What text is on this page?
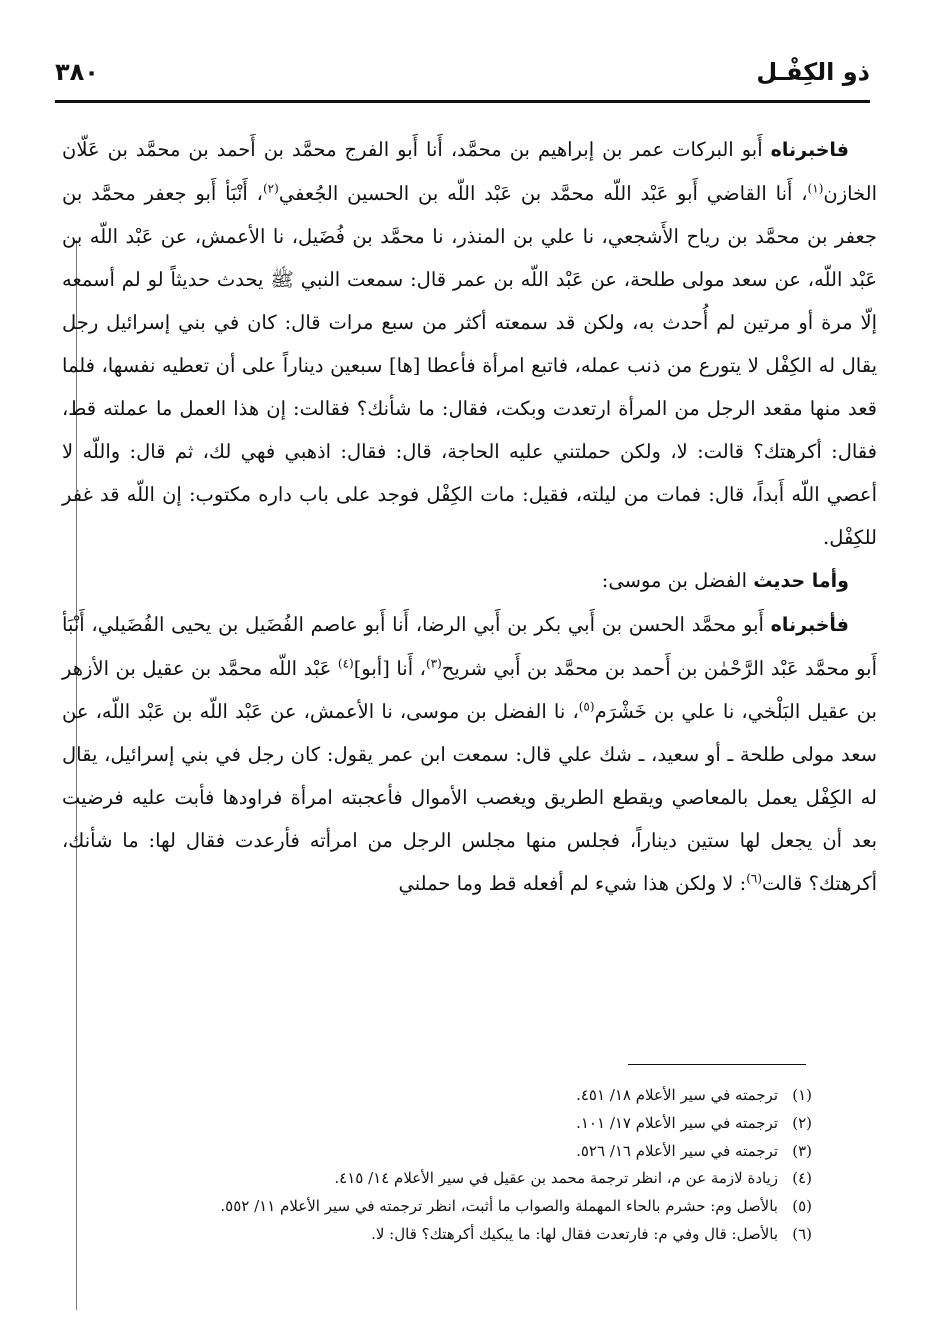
ذو الكِفْـل
٣٨٠

فاخبرناه أَبو البركات عمر بن إبراهيم بن محمَّد، أَنا أَبو الفرج محمَّد بن أَحمد بن محمَّد بن عَلّان الخازن$^{(١)}$، أَنا القاضي أَبو عَبْد اللّه محمَّد بن عَبْد اللّه بن الحسين الجُعفي$^{(٢)}$، أَنْبَأ أَبو جعفر محمَّد بن جعفر بن محمَّد بن رياح الأَشجعي، نا علي بن المنذر، نا محمَّد بن فُضَيل، نا الأعمش، عن عَبْد اللّه بن عَبْد اللّه، عن سعد مولى طلحة، عن عَبْد اللّه بن عمر قال: سمعت النبي ﷺ يحدث حديثاً لو لم أسمعه إلّا مرة أو مرتين لم أُحدث به، ولكن قد سمعته أكثر من سبع مرات قال: كان في بني إسرائيل رجل يقال له الكِفْل لا يتورع من ذنب عمله، فاتبع امرأة فأعطا [ها] سبعين ديناراً على أن تعطيه نفسها، فلما قعد منها مقعد الرجل من المرأة ارتعدت وبكت، فقال: ما شأنك؟ فقالت: إن هذا العمل ما عملته قط، فقال: أكرهتك؟ قالت: لا، ولكن حملتني عليه الحاجة، قال: فقال: اذهبي فهي لك، ثم قال: واللّه لا أعصي اللّه أَبداً، قال: فمات من ليلته، فقيل: مات الكِفْل فوجد على باب داره مكتوب: إن اللّه قد غفر للكِفْل.

وأما حديث الفضل بن موسى:

فأخبرناه أَبو محمَّد الحسن بن أَبي بكر بن أَبي الرضا، أَنا أَبو عاصم الفُضَيل بن يحيى الفُضَيلي، أَنْبَأ أَبو محمَّد عَبْد الرَّحْمٰن بن أَحمد بن محمَّد بن أَبي شريح$^{(٣)}$، أَنا [أبو]$^{(٤)}$ عَبْد اللّه محمَّد بن عقيل بن الأزهر بن عقيل البَلْخي، نا علي بن خَشْرَم$^{(٥)}$، نا الفضل بن موسى، نا الأعمش، عن عَبْد اللّه بن عَبْد اللّه، عن سعد مولى طلحة ـ أو سعيد، ـ شك علي قال: سمعت ابن عمر يقول: كان رجل في بني إسرائيل، يقال له الكِفْل يعمل بالمعاصي ويقطع الطريق ويغصب الأموال فأعجبته امرأة فراودها فأبت عليه فرضيت بعد أن يجعل لها ستين ديناراً، فجلس منها مجلس الرجل من امرأته فأرعدت فقال لها: ما شأنك، أكرهتك؟ قالت$^{(٦)}$: لا ولكن هذا شيء لم أفعله قط وما حملني

(١)ترجمته في سير الأعلام ١٨/ ٤٥١.

(٢)ترجمته في سير الأعلام ١٧/ ١٠١.

(٣)ترجمته في سير الأعلام ١٦/ ٥٢٦.

(٤)زيادة لازمة عن م، انظر ترجمة محمد بن عقيل في سير الأعلام ١٤/ ٤١٥.

(٥)بالأصل وم: حشرم بالحاء المهملة والصواب ما أثبت، انظر ترجمته في سير الأعلام ١١/ ٥٥٢.

(٦)بالأصل: قال وفي م: فارتعدت فقال لها: ما يبكيك أكرهتك؟ قال: لا.
